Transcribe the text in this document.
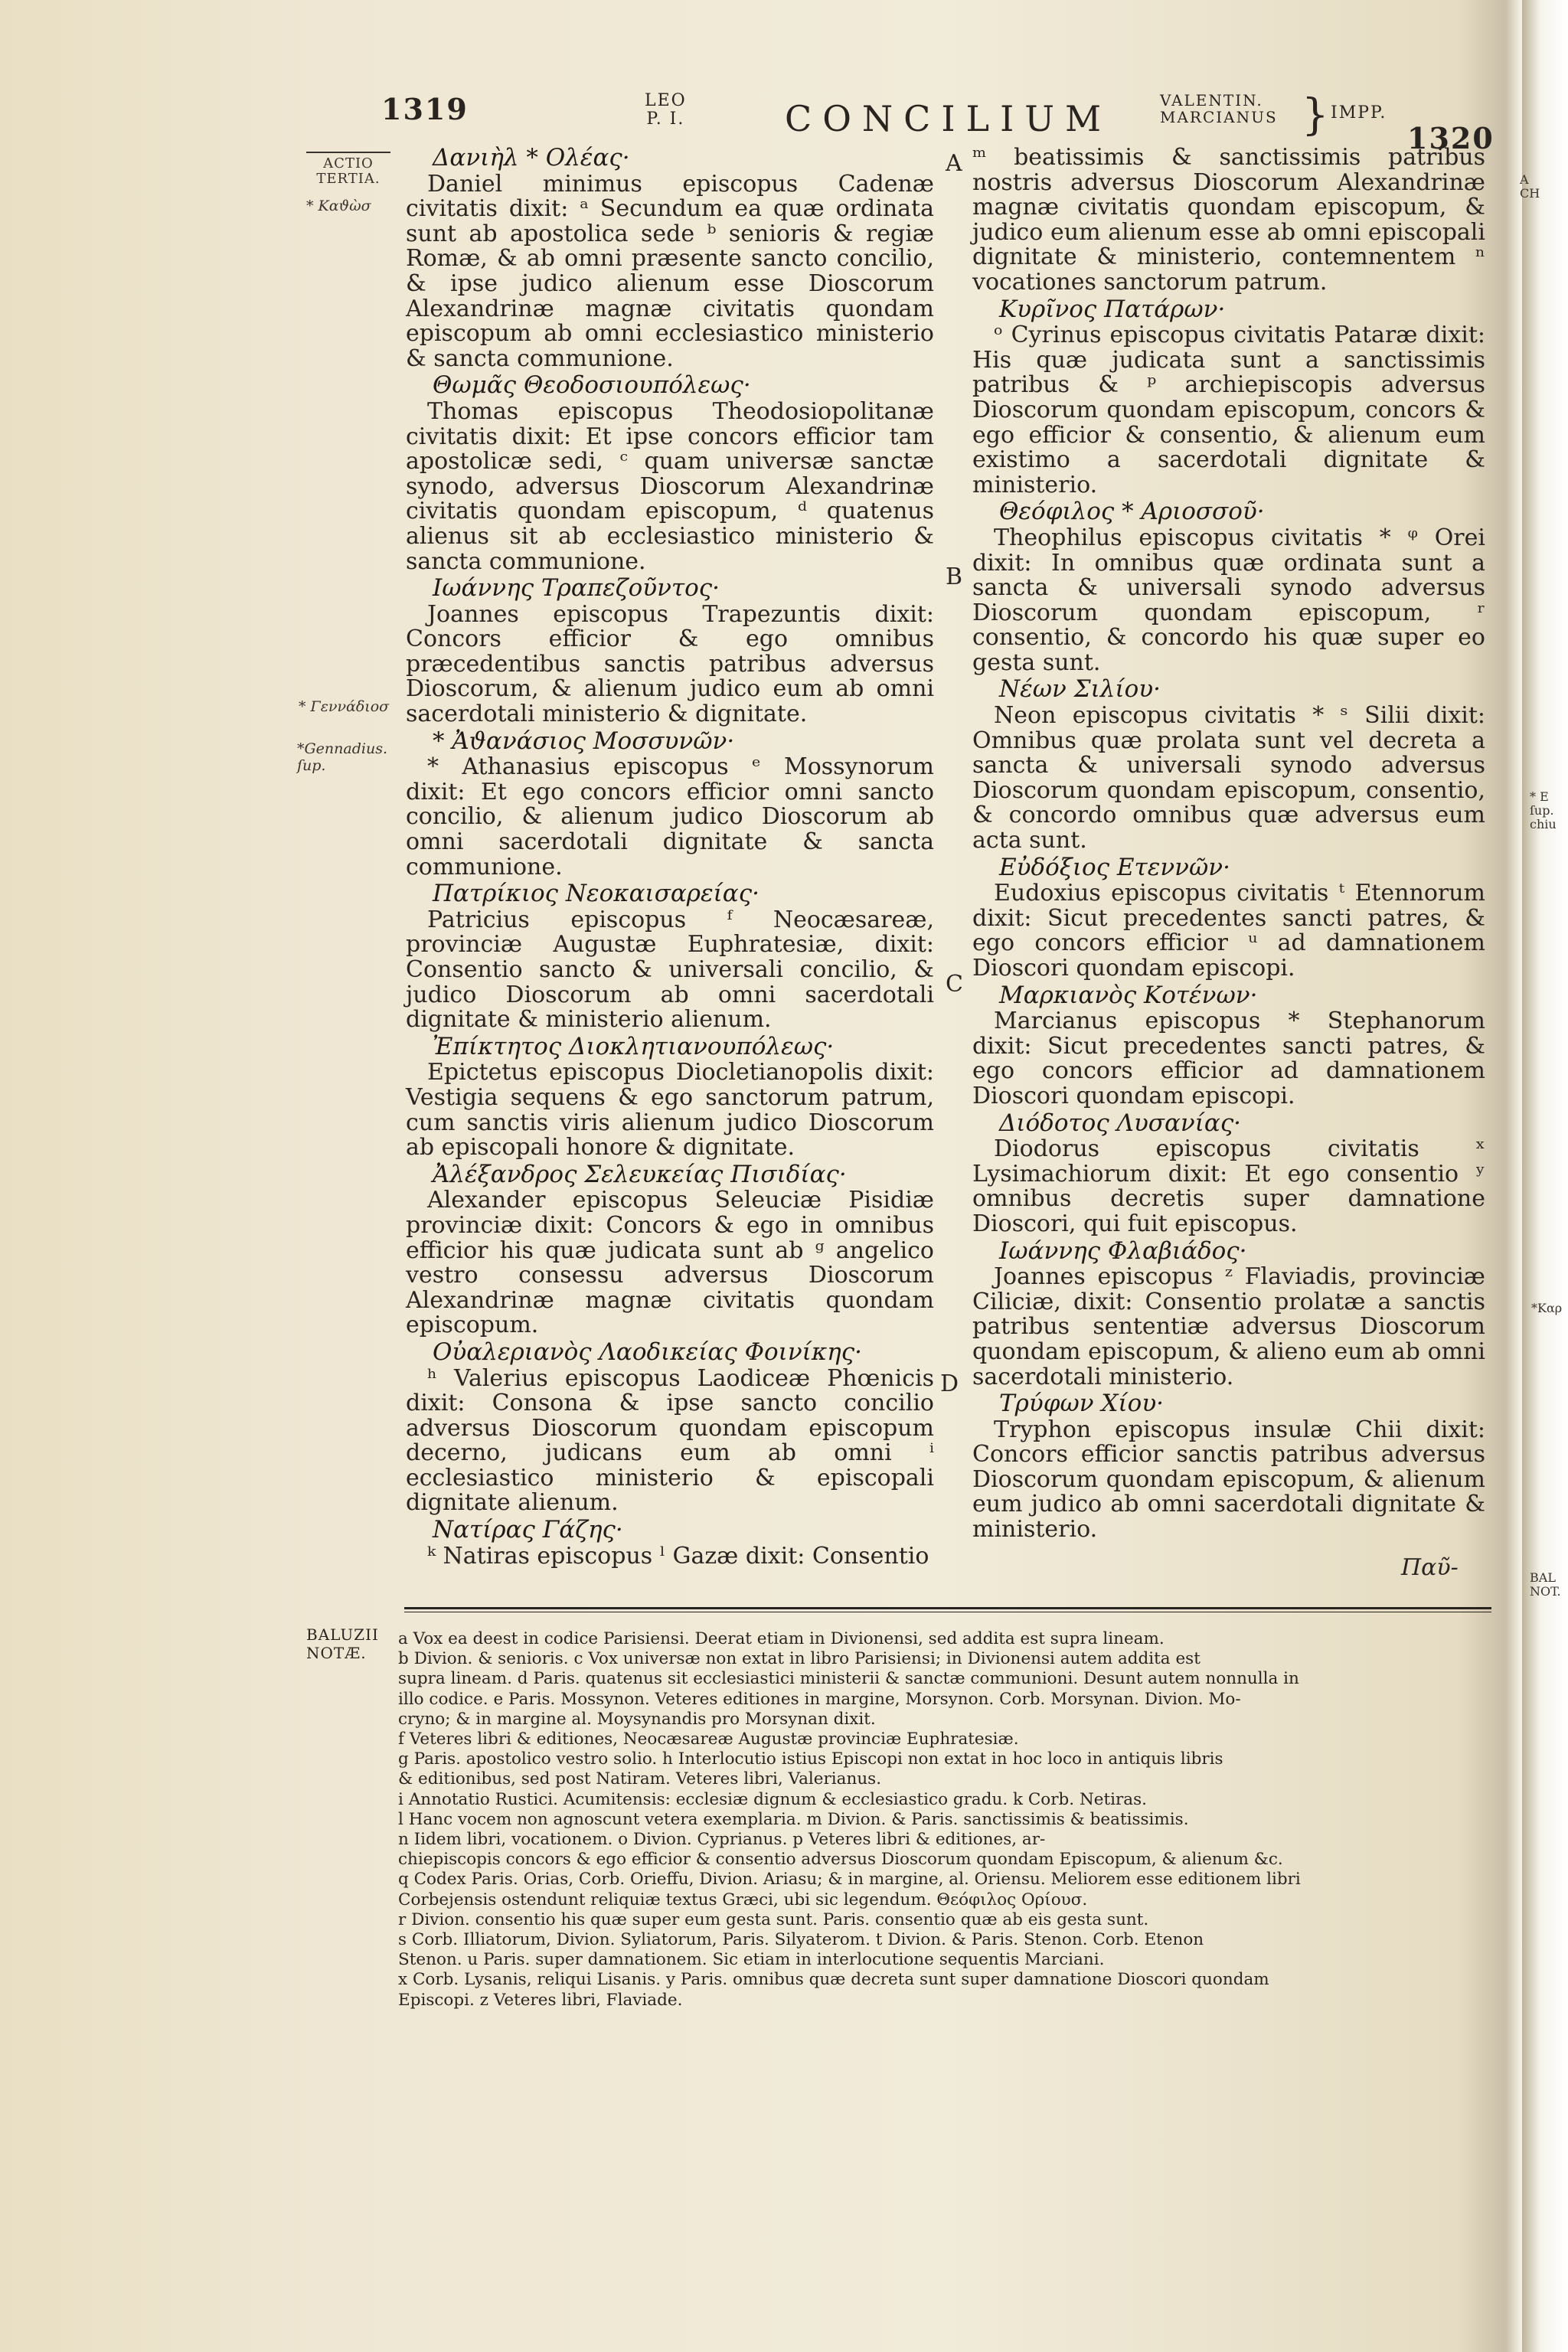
1319	LEO
P. I.	CONCILIUM	VALENTIN.
MARCIANUS } IMPP.
1320
ACTIO TERTIA.
* Καϑὼσ
* Γεννάδιοσ
*Gennadius. ſup.
A
B
C
D

Δανιὴλ * Ολέας·

Daniel minimus episcopus Cadenæ civitatis dixit: ᵃ Secundum ea quæ ordinata sunt ab apostolica sede ᵇ senioris & regiæ Romæ, & ab omni præsente sancto concilio, & ipse judico alienum esse Dioscorum Alexandrinæ magnæ civitatis quondam episcopum ab omni ecclesiastico ministerio & sancta communione.

Θωμᾶς Θεοδοσιουπόλεως·

Thomas episcopus Theodosiopolitanæ civitatis dixit: Et ipse concors efficior tam apostolicæ sedi, ᶜ quam universæ sanctæ synodo, adversus Dioscorum Alexandrinæ civitatis quondam episcopum, ᵈ quatenus alienus sit ab ecclesiastico ministerio & sancta communione.

Ιωάννης Τραπεζοῦντος·

Joannes episcopus Trapezuntis dixit: Concors efficior & ego omnibus præcedentibus sanctis patribus adversus Dioscorum, & alienum judico eum ab omni sacerdotali ministerio & dignitate.

* Ἀϑανάσιος Μοσσυνῶν·

* Athanasius episcopus ᵉ Mossynorum dixit: Et ego concors efficior omni sancto concilio, & alienum judico Dioscorum ab omni sacerdotali dignitate & sancta communione.

Πατρίκιος Νεοκαισαρείας·

Patricius episcopus ᶠ Neocæsareæ, provinciæ Augustæ Euphratesiæ, dixit: Consentio sancto & universali concilio, & judico Dioscorum ab omni sacerdotali dignitate & ministerio alienum.

Ἐπίκτητος Διοκλητιανουπόλεως·

Epictetus episcopus Diocletianopolis dixit: Vestigia sequens & ego sanctorum patrum, cum sanctis viris alienum judico Dioscorum ab episcopali honore & dignitate.

Ἀλέξανδρος Σελευκείας Πισιδίας·

Alexander episcopus Seleuciæ Pisidiæ provinciæ dixit: Concors & ego in omnibus efficior his quæ judicata sunt ab ᵍ angelico vestro consessu adversus Dioscorum Alexandrinæ magnæ civitatis quondam episcopum.

Οὐαλεριανὸς Λαοδικείας Φοινίκης·

ʰ Valerius episcopus Laodiceæ Phœnicis dixit: Consona & ipse sancto concilio adversus Dioscorum quondam episcopum decerno, judicans eum ab omni ⁱ ecclesiastico ministerio & episcopali dignitate alienum.

Νατίρας Γάζης·

ᵏ Natiras episcopus ˡ Gazæ dixit: Consentio

ᵐ beatissimis & sanctissimis patribus nostris adversus Dioscorum Alexandrinæ magnæ civitatis quondam episcopum, & judico eum alienum esse ab omni episcopali dignitate & ministerio, contemnentem ⁿ vocationes sanctorum patrum.

Κυρῖνος Πατάρων·

ᵒ Cyrinus episcopus civitatis Pataræ dixit: His quæ judicata sunt a sanctissimis patribus & ᵖ archiepiscopis adversus Dioscorum quondam episcopum, concors & ego efficior & consentio, & alienum eum existimo a sacerdotali dignitate & ministerio.

Θεόφιλος * Αριοσσοῦ·

Theophilus episcopus civitatis * ᵠ Orei dixit: In omnibus quæ ordinata sunt a sancta & universali synodo adversus Dioscorum quondam episcopum, ʳ consentio, & concordo his quæ super eo gesta sunt.

Νέων Σιλίου·

Neon episcopus civitatis * ˢ Silii dixit: Omnibus quæ prolata sunt vel decreta a sancta & universali synodo adversus Dioscorum quondam episcopum, consentio, & concordo omnibus quæ adversus eum acta sunt.

Εὐδόξιος Ετεννῶν·

Eudoxius episcopus civitatis ᵗ Etennorum dixit: Sicut precedentes sancti patres, & ego concors efficior ᵘ ad damnationem Dioscori quondam episcopi.

Μαρκιανὸς Κοτένων·

Marcianus episcopus * Stephanorum dixit: Sicut precedentes sancti patres, & ego concors efficior ad damnationem Dioscori quondam episcopi.

Διόδοτος Λυσανίας·

Diodorus episcopus civitatis ˣ Lysimachiorum dixit: Et ego consentio ʸ omnibus decretis super damnatione Dioscori, qui fuit episcopus.

Ιωάννης Φλαβιάδος·

Joannes episcopus ᶻ Flaviadis, provinciæ Ciliciæ, dixit: Consentio prolatæ a sanctis patribus sententiæ adversus Dioscorum quondam episcopum, & alieno eum ab omni sacerdotali ministerio.

Τρύφων Χίου·

Tryphon episcopus insulæ Chii dixit: Concors efficior sanctis patribus adversus Dioscorum quondam episcopum, & alienum eum judico ab omni sacerdotali dignitate & ministerio.

Παῦ-
BALUZII NOTÆ.
a Vox ea deest in codice Parisiensi. Deerat etiam in Divionensi, sed addita est supra lineam.
b Divion. & senioris. c Vox universæ non extat in libro Parisiensi; in Divionensi autem addita est
supra lineam. d Paris. quatenus sit ecclesiastici ministerii & sanctæ communioni. Desunt autem nonnulla in
illo codice. e Paris. Mossynon. Veteres editiones in margine, Morsynon. Corb. Morsynan. Divion. Mo-
cryno; & in margine al. Moysynandis pro Morsynan dixit.
f Veteres libri & editiones, Neocæsareæ Augustæ provinciæ Euphratesiæ.
g Paris. apostolico vestro solio. h Interlocutio istius Episcopi non extat in hoc loco in antiquis libris
& editionibus, sed post Natiram. Veteres libri, Valerianus.
i Annotatio Rustici. Acumitensis: ecclesiæ dignum & ecclesiastico gradu. k Corb. Netiras.
l Hanc vocem non agnoscunt vetera exemplaria. m Divion. & Paris. sanctissimis & beatissimis.
n Iidem libri, vocationem. o Divion. Cyprianus. p Veteres libri & editiones, ar-
chiepiscopis concors & ego efficior & consentio adversus Dioscorum quondam Episcopum, & alienum &c.
q Codex Paris. Orias, Corb. Orieffu, Divion. Ariasu; & in margine, al. Oriensu. Meliorem esse editionem libri
Corbejensis ostendunt reliquiæ textus Græci, ubi sic legendum. Θεόφιλος Ορίουσ.
r Divion. consentio his quæ super eum gesta sunt. Paris. consentio quæ ab eis gesta sunt.
s Corb. Illiatorum, Divion. Syliatorum, Paris. Silyaterom. t Divion. & Paris. Stenon. Corb. Etenon
Stenon. u Paris. super damnationem. Sic etiam in interlocutione sequentis Marciani.
x Corb. Lysanis, reliqui Lisanis. y Paris. omnibus quæ decreta sunt super damnatione Dioscori quondam
Episcopi. z Veteres libri, Flaviade.
A CH
* E ſup. chiu
*Καρ
BAL NOT.
